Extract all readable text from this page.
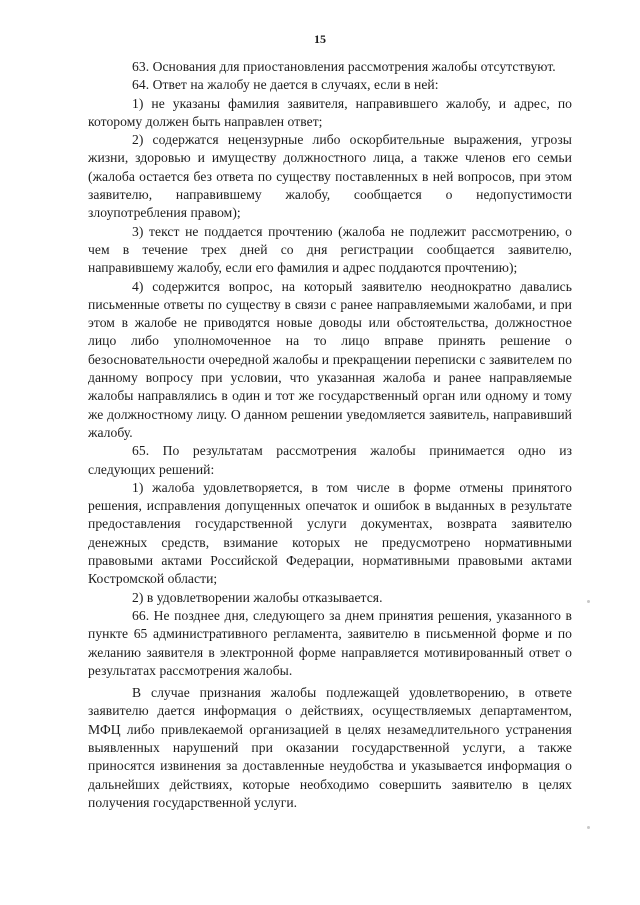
15

63. Основания для приостановления рассмотрения жалобы отсутствуют.

64. Ответ на жалобу не дается в случаях, если в ней:

1) не указаны фамилия заявителя, направившего жалобу, и адрес, по которому должен быть направлен ответ;

2) содержатся нецензурные либо оскорбительные выражения, угрозы жизни, здоровью и имуществу должностного лица, а также членов его семьи (жалоба остается без ответа по существу поставленных в ней вопросов, при этом заявителю, направившему жалобу, сообщается о недопустимости злоупотребления правом);

3) текст не поддается прочтению (жалоба не подлежит рассмотрению, о чем в течение трех дней со дня регистрации сообщается заявителю, направившему жалобу, если его фамилия и адрес поддаются прочтению);

4) содержится вопрос, на который заявителю неоднократно давались письменные ответы по существу в связи с ранее направляемыми жалобами, и при этом в жалобе не приводятся новые доводы или обстоятельства, должностное лицо либо уполномоченное на то лицо вправе принять решение о безосновательности очередной жалобы и прекращении переписки с заявителем по данному вопросу при условии, что указанная жалоба и ранее направляемые жалобы направлялись в один и тот же государственный орган или одному и тому же должностному лицу. О данном решении уведомляется заявитель, направивший жалобу.

65. По результатам рассмотрения жалобы принимается одно из следующих решений:

1) жалоба удовлетворяется, в том числе в форме отмены принятого решения, исправления допущенных опечаток и ошибок в выданных в результате предоставления государственной услуги документах, возврата заявителю денежных средств, взимание которых не предусмотрено нормативными правовыми актами Российской Федерации, нормативными правовыми актами Костромской области;

2) в удовлетворении жалобы отказывается.

66. Не позднее дня, следующего за днем принятия решения, указанного в пункте 65 административного регламента, заявителю в письменной форме и по желанию заявителя в электронной форме направляется мотивированный ответ о результатах рассмотрения жалобы.

В случае признания жалобы подлежащей удовлетворению, в ответе заявителю дается информация о действиях, осуществляемых департаментом, МФЦ либо привлекаемой организацией в целях незамедлительного устранения выявленных нарушений при оказании государственной услуги, а также приносятся извинения за доставленные неудобства и указывается информация о дальнейших действиях, которые необходимо совершить заявителю в целях получения государственной услуги.
